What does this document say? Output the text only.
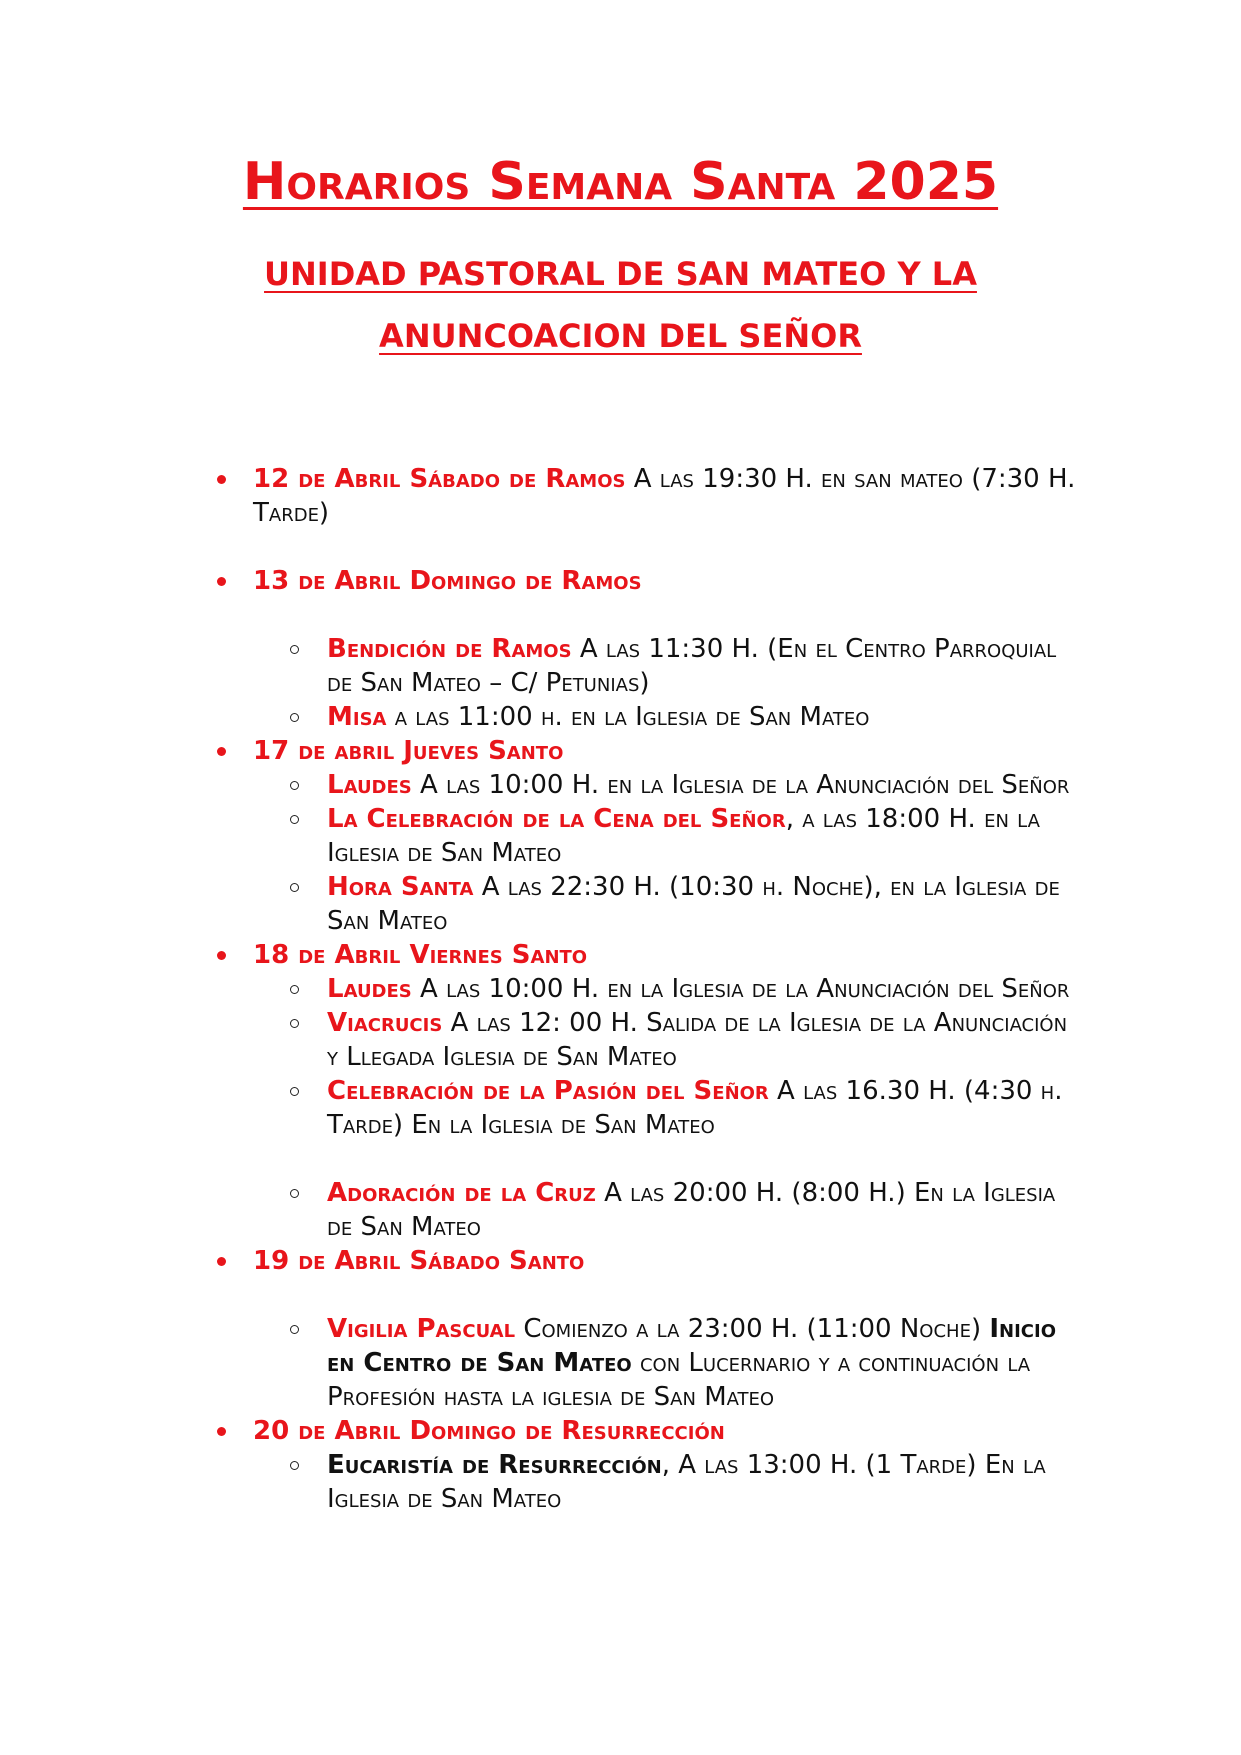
Horarios Semana Santa 2025
UNIDAD PASTORAL DE SAN MATEO Y LA
ANUNCOACION DEL SEÑOR
12 de Abril Sábado de Ramos A las 19:30 H. en san mateo (7:30 H. Tarde)
13 de Abril Domingo de Ramos
Bendición de Ramos A las 11:30 H. (En el Centro Parroquial de San Mateo – C/ Petunias)
Misa a las 11:00 h. en la Iglesia de San Mateo
17 de abril Jueves Santo
Laudes A las 10:00 H. en la Iglesia de la Anunciación del Señor
La Celebración de la Cena del Señor, a las 18:00 H. en la Iglesia de San Mateo
Hora Santa A las 22:30 H. (10:30 h. Noche), en la Iglesia de San Mateo
18 de Abril Viernes Santo
Laudes A las 10:00 H. en la Iglesia de la Anunciación del Señor
Viacrucis A las 12: 00 H. Salida de la Iglesia de la Anunciación y Llegada Iglesia de San Mateo
Celebración de la Pasión del Señor A las 16.30 H. (4:30 h. Tarde) En la Iglesia de San Mateo
Adoración de la Cruz A las 20:00 H. (8:00 H.) En la Iglesia de San Mateo
19 de Abril Sábado Santo
Vigilia Pascual Comienzo a la 23:00 H. (11:00 Noche) Inicio en Centro de San Mateo con Lucernario y a continuación la Profesión hasta la iglesia de San Mateo
20 de Abril Domingo de Resurrección
Eucaristía de Resurrección, A las 13:00 H. (1 Tarde) En la Iglesia de San Mateo
